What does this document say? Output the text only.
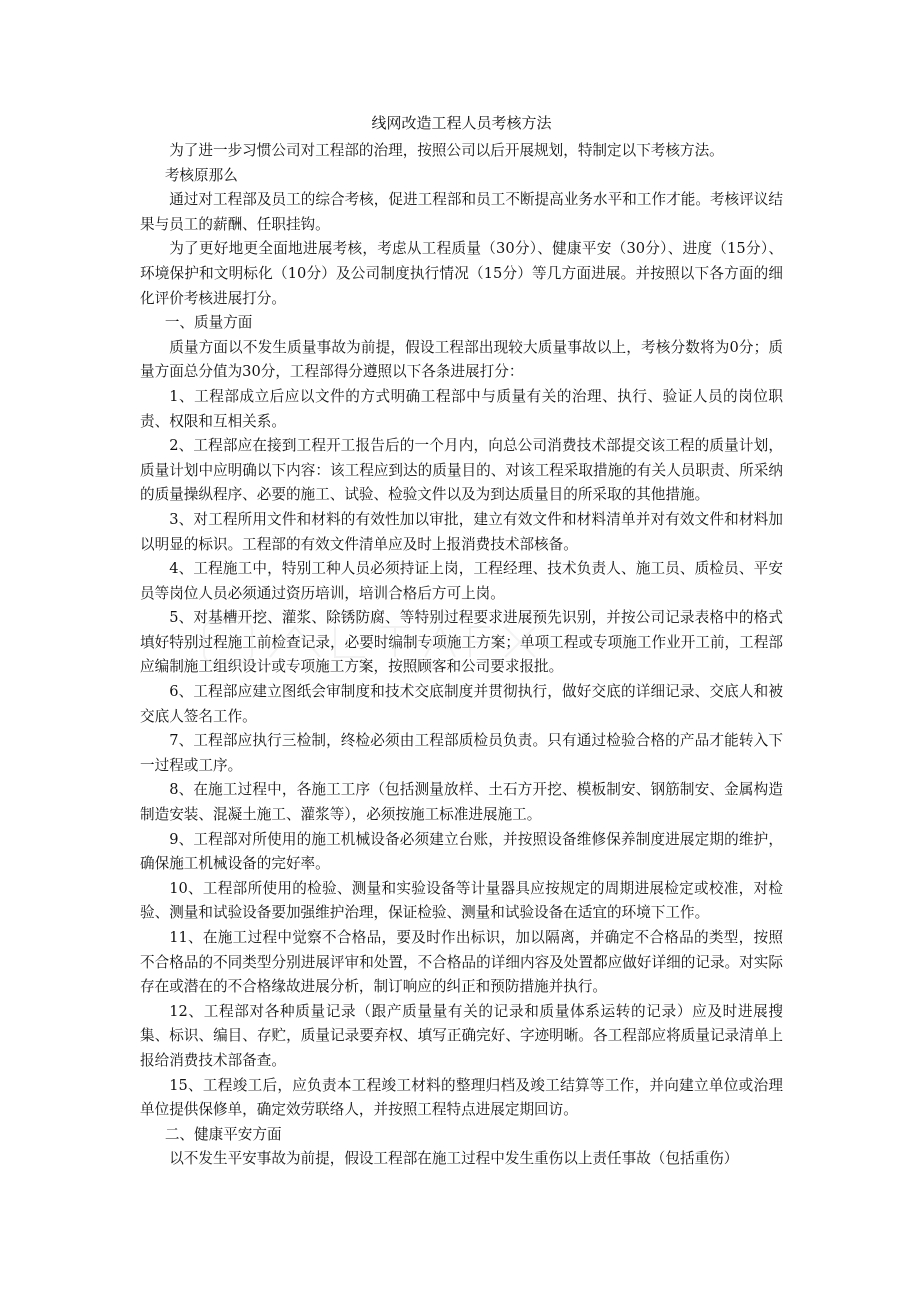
线网改造工程人员考核方法

为了进一步习惯公司对工程部的治理，按照公司以后开展规划，特制定以下考核方法。

考核原那么

通过对工程部及员工的综合考核，促进工程部和员工不断提高业务水平和工作才能。考核评议结果与员工的薪酬、任职挂钩。

为了更好地更全面地进展考核，考虑从工程质量（30分）、健康平安（30分）、进度（15分）、环境保护和文明标化（10分）及公司制度执行情况（15分）等几方面进展。并按照以下各方面的细化评价考核进展打分。

一、质量方面

质量方面以不发生质量事故为前提，假设工程部出现较大质量事故以上，考核分数将为0分；质量方面总分值为30分，工程部得分遵照以下各条进展打分：

1、工程部成立后应以文件的方式明确工程部中与质量有关的治理、执行、验证人员的岗位职责、权限和互相关系。

2、工程部应在接到工程开工报告后的一个月内，向总公司消费技术部提交该工程的质量计划，质量计划中应明确以下内容：该工程应到达的质量目的、对该工程采取措施的有关人员职责、所采纳的质量操纵程序、必要的施工、试验、检验文件以及为到达质量目的所采取的其他措施。

3、对工程所用文件和材料的有效性加以审批，建立有效文件和材料清单并对有效文件和材料加以明显的标识。工程部的有效文件清单应及时上报消费技术部核备。

4、工程施工中，特别工种人员必须持证上岗，工程经理、技术负责人、施工员、质检员、平安员等岗位人员必须通过资历培训，培训合格后方可上岗。

5、对基槽开挖、灌浆、除锈防腐、等特别过程要求进展预先识别，并按公司记录表格中的格式填好特别过程施工前检查记录，必要时编制专项施工方案；单项工程或专项施工作业开工前，工程部应编制施工组织设计或专项施工方案，按照顾客和公司要求报批。

6、工程部应建立图纸会审制度和技术交底制度并贯彻执行，做好交底的详细记录、交底人和被交底人签名工作。

7、工程部应执行三检制，终检必须由工程部质检员负责。只有通过检验合格的产品才能转入下一过程或工序。

8、在施工过程中，各施工工序（包括测量放样、土石方开挖、模板制安、钢筋制安、金属构造制造安装、混凝土施工、灌浆等），必须按施工标准进展施工。

9、工程部对所使用的施工机械设备必须建立台账，并按照设备维修保养制度进展定期的维护，确保施工机械设备的完好率。

10、工程部所使用的检验、测量和实验设备等计量器具应按规定的周期进展检定或校准，对检验、测量和试验设备要加强维护治理，保证检验、测量和试验设备在适宜的环境下工作。

11、在施工过程中觉察不合格品，要及时作出标识，加以隔离，并确定不合格品的类型，按照不合格品的不同类型分别进展评审和处置，不合格品的详细内容及处置都应做好详细的记录。对实际存在或潜在的不合格缘故进展分析，制订响应的纠正和预防措施并执行。

12、工程部对各种质量记录（跟产质量量有关的记录和质量体系运转的记录）应及时进展搜集、标识、编目、存贮，质量记录要弃权、填写正确完好、字迹明晰。各工程部应将质量记录清单上报给消费技术部备查。

15、工程竣工后，应负责本工程竣工材料的整理归档及竣工结算等工作，并向建立单位或治理单位提供保修单，确定效劳联络人，并按照工程特点进展定期回访。

二、健康平安方面

以不发生平安事故为前提，假设工程部在施工过程中发生重伤以上责任事故（包括重伤）
